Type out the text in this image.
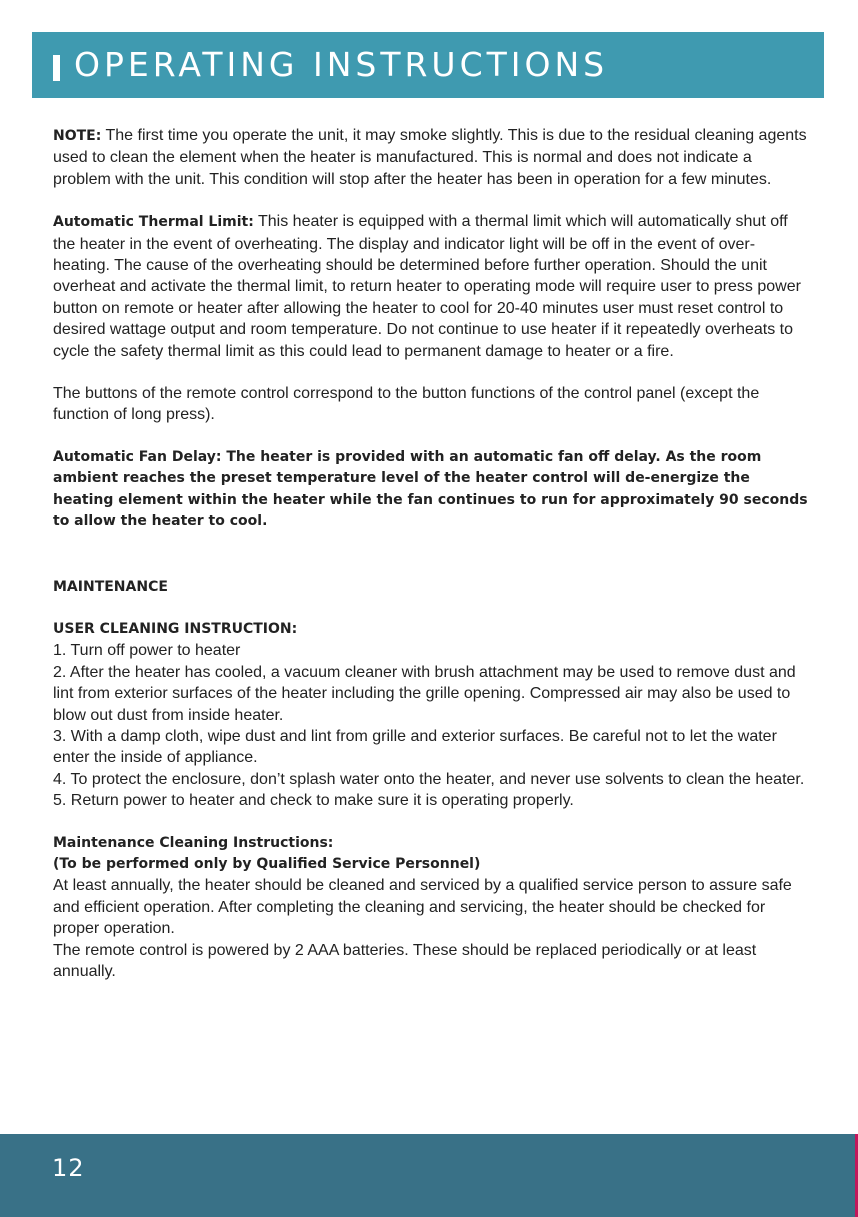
OPERATING INSTRUCTIONS

NOTE: The first time you operate the unit, it may smoke slightly. This is due to the residual cleaning agents used to clean the element when the heater is manufactured. This is normal and does not indicate a problem with the unit. This condition will stop after the heater has been in operation for a few minutes.

Automatic Thermal Limit: This heater is equipped with a thermal limit which will automatically shut off the heater in the event of overheating. The display and indicator light will be off in the event of over- heating. The cause of the overheating should be determined before further operation. Should the unit overheat and activate the thermal limit, to return heater to operating mode will require user to press power button on remote or heater after allowing the heater to cool for 20-40 minutes user must reset control to desired wattage output and room temperature. Do not continue to use heater if it repeatedly overheats to cycle the safety thermal limit as this could lead to permanent damage to heater or a fire.

The buttons of the remote control correspond to the button functions of the control panel (except the function of long press).

Automatic Fan Delay: The heater is provided with an automatic fan off delay. As the room ambient reaches the preset temperature level of the heater control will de-energize the heating element within the heater while the fan continues to run for approximately 90 seconds to allow the heater to cool.

MAINTENANCE

USER CLEANING INSTRUCTION:
1. Turn off power to heater
2. After the heater has cooled, a vacuum cleaner with brush attachment may be used to remove dust and lint from exterior surfaces of the heater including the grille opening. Compressed air may also be used to blow out dust from inside heater.
3. With a damp cloth, wipe dust and lint from grille and exterior surfaces. Be careful not to let the water enter the inside of appliance.
4. To protect the enclosure, don’t splash water onto the heater, and never use solvents to clean the heater.
5. Return power to heater and check to make sure it is operating properly.

Maintenance Cleaning Instructions:
(To be performed only by Qualified Service Personnel)
At least annually, the heater should be cleaned and serviced by a qualified service person to assure safe and efficient operation. After completing the cleaning and servicing, the heater should be checked for proper operation.
The remote control is powered by 2 AAA batteries. These should be replaced periodically or at least annually.

12
